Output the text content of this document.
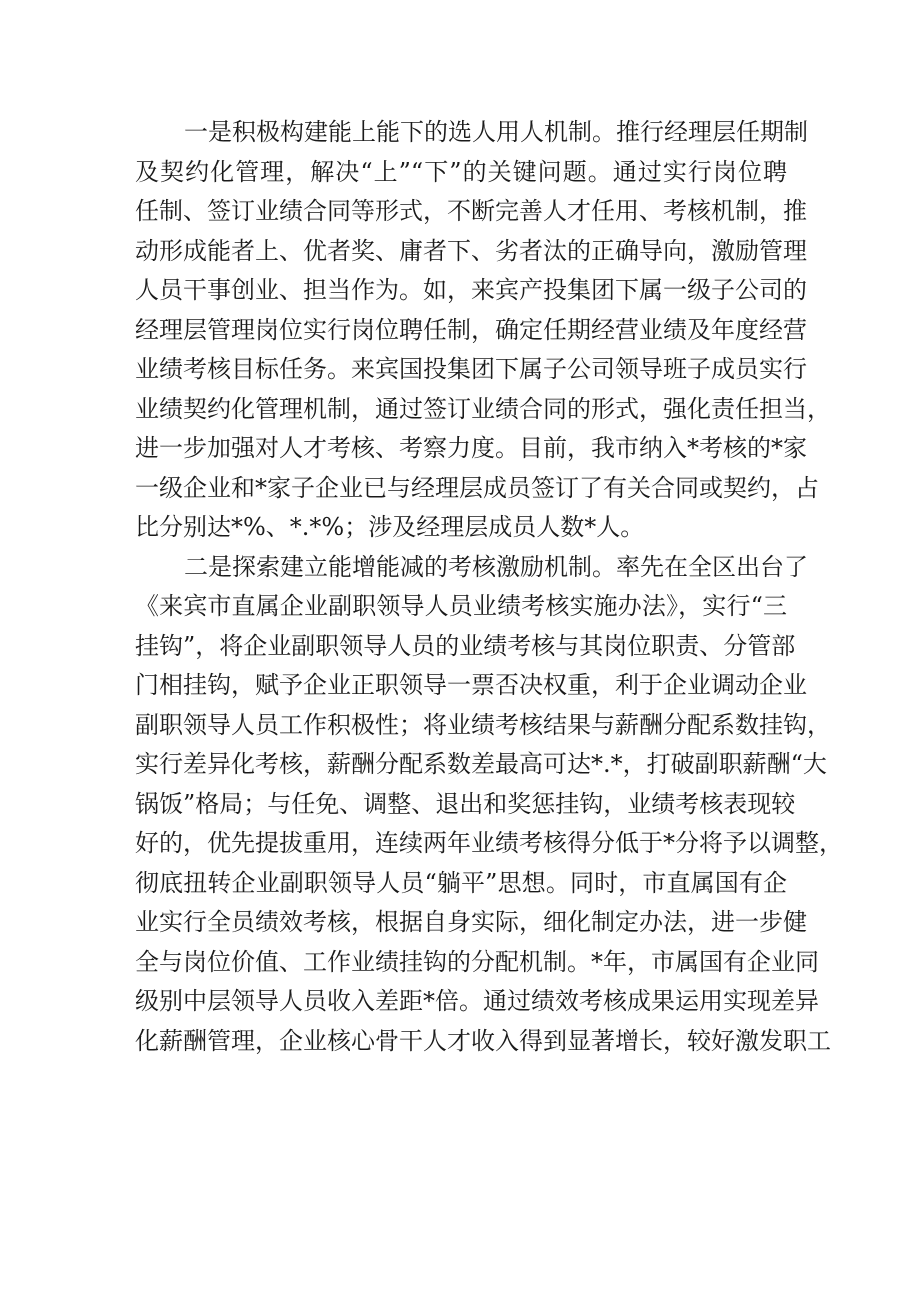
一是积极构建能上能下的选人用人机制。推行经理层任期制
及契约化管理，解决“上”“下”的关键问题。通过实行岗位聘
任制、签订业绩合同等形式，不断完善人才任用、考核机制，推
动形成能者上、优者奖、庸者下、劣者汰的正确导向，激励管理
人员干事创业、担当作为。如，来宾产投集团下属一级子公司的
经理层管理岗位实行岗位聘任制，确定任期经营业绩及年度经营
业绩考核目标任务。来宾国投集团下属子公司领导班子成员实行
业绩契约化管理机制，通过签订业绩合同的形式，强化责任担当，
进一步加强对人才考核、考察力度。目前，我市纳入*考核的*家
一级企业和*家子企业已与经理层成员签订了有关合同或契约，占
比分别达*%、*.*%；涉及经理层成员人数*人。
二是探索建立能增能减的考核激励机制。率先在全区出台了
《来宾市直属企业副职领导人员业绩考核实施办法》，实行“三
挂钩”，将企业副职领导人员的业绩考核与其岗位职责、分管部
门相挂钩，赋予企业正职领导一票否决权重，利于企业调动企业
副职领导人员工作积极性；将业绩考核结果与薪酬分配系数挂钩，
实行差异化考核，薪酬分配系数差最高可达*.*，打破副职薪酬“大
锅饭”格局；与任免、调整、退出和奖惩挂钩，业绩考核表现较
好的，优先提拔重用，连续两年业绩考核得分低于*分将予以调整，
彻底扭转企业副职领导人员“躺平”思想。同时，市直属国有企
业实行全员绩效考核，根据自身实际，细化制定办法，进一步健
全与岗位价值、工作业绩挂钩的分配机制。*年，市属国有企业同
级别中层领导人员收入差距*倍。通过绩效考核成果运用实现差异
化薪酬管理，企业核心骨干人才收入得到显著增长，较好激发职工
